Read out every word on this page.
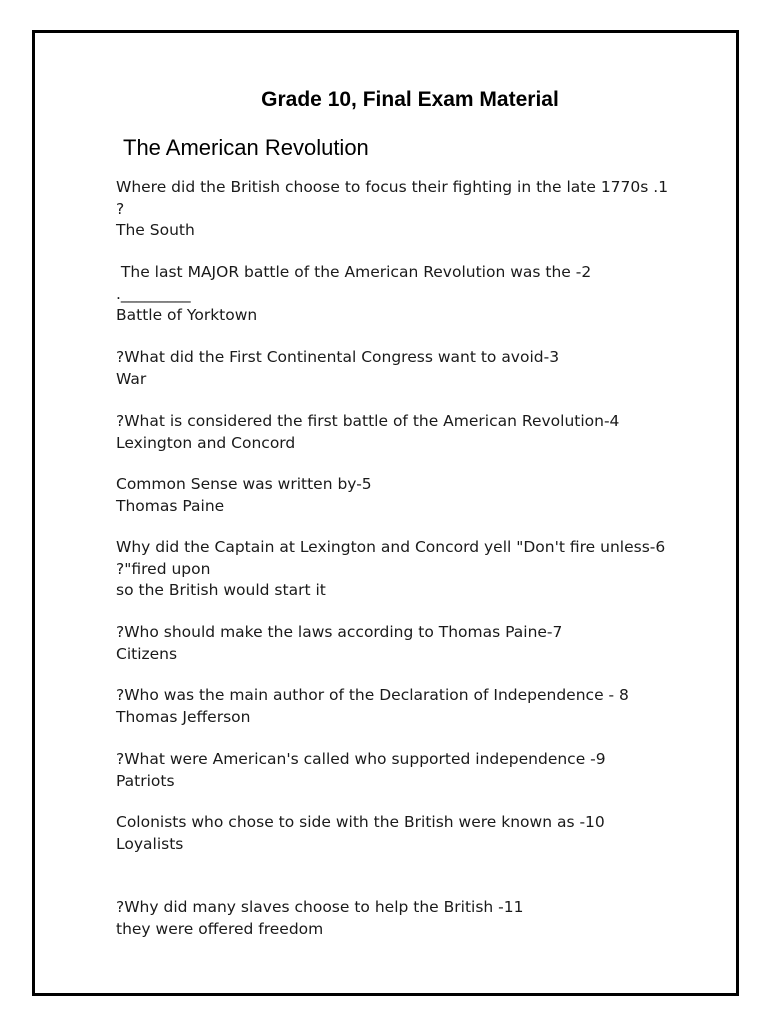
Grade 10, Final Exam Material
The American Revolution
Where did the British choose to focus their fighting in the late 1770s .1
?
The South
The last MAJOR battle of the American Revolution was the -2
._________
Battle of Yorktown
?What did the First Continental Congress want to avoid-3
War
?What is considered the first battle of the American Revolution-4
Lexington and Concord
Common Sense was written by-5
Thomas Paine
Why did the Captain at Lexington and Concord yell "Don't fire unless-6
?"fired upon
so the British would start it
?Who should make the laws according to Thomas Paine-7
Citizens
?Who was the main author of the Declaration of Independence - 8
Thomas Jefferson
?What were American's called who supported independence -9
Patriots
Colonists who chose to side with the British were known as -10
Loyalists
?Why did many slaves choose to help the British -11
they were offered freedom
